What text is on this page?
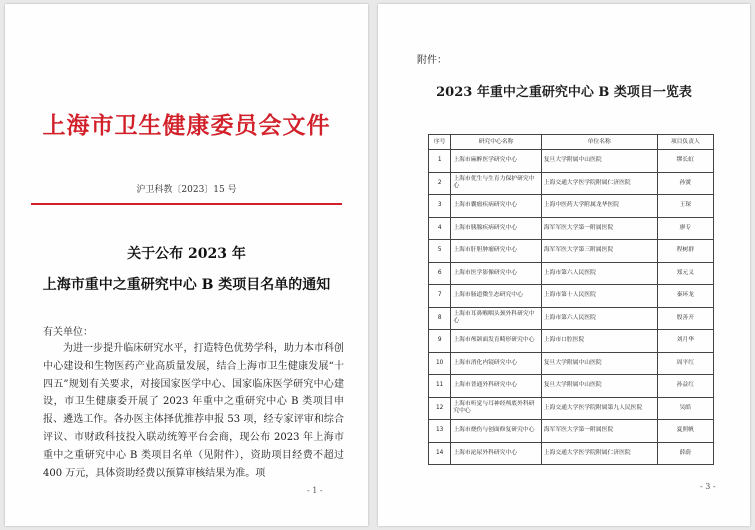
上海市卫生健康委员会文件
沪卫科教〔2023〕15 号
关于公布 2023 年
上海市重中之重研究中心 B 类项目名单的通知
有关单位：

为进一步提升临床研究水平，打造特色优势学科，助力本市科创中心建设和生物医药产业高质量发展，结合上海市卫生健康发展“十四五”规划有关要求，对接国家医学中心、国家临床医学研究中心建设，市卫生健康委开展了 2023 年重中之重研究中心 B 类项目申报、遴选工作。各办医主体择优推荐申报 53 项，经专家评审和综合评议、市财政科技投入联动统筹平台会商，现公布 2023 年上海市重中之重研究中心 B 类项目名单（见附件），资助项目经费不超过 400 万元，具体资助经费以预算审核结果为准。项

- 1 -
附件：
2023 年重中之重研究中心 B 类项目一览表
序号	研究中心名称	单位名称	项目负责人
1	上海市麻醉医学研究中心	复旦大学附属中山医院	缪长虹
2	上海市优生与生育力保护研究中心	上海交通大学医学院附属仁济医院	孙黉
3	上海市囊瘤疾病研究中心	上海中医药大学附属龙华医院	王琛
4	上海市胰腺疾病研究中心	海军军医大学第一附属医院	廖专
5	上海市肝胆肿瘤研究中心	海军军医大学第三附属医院	程树群
6	上海市医学影像研究中心	上海市第六人民医院	郑元义
7	上海市肠道微生态研究中心	上海市第十人民医院	秦环龙
8	上海市耳鼻喉咽头颈外科研究中心	上海市第六人民医院	殷善开
9	上海市颅颌面发育畸形研究中心	上海市口腔医院	刘月华
10	上海市消化内镜研究中心	复旦大学附属中山医院	周平红
11	上海市普通外科研究中心	复旦大学附属中山医院	孙益红
12	上海市听觉与耳神经颅底外科研究中心	上海交通大学医学院附属第九人民医院	吴皓
13	上海市烧伤与创面修复研究中心	海军军医大学第一附属医院	夏照帆
14	上海市泌尿外科研究中心	上海交通大学医学院附属仁济医院	薛蔚
- 3 -
